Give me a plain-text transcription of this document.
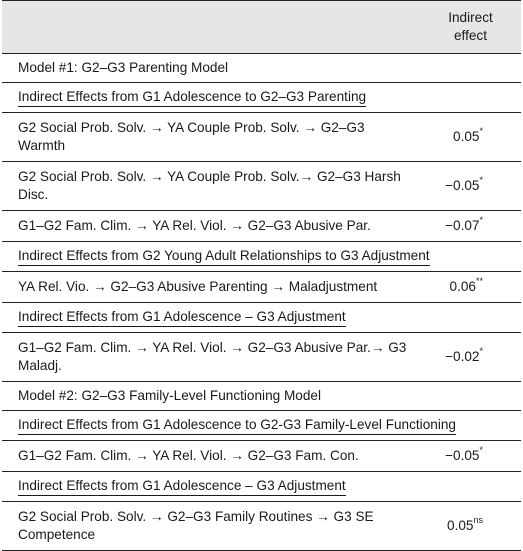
	Indirect
effect
Model #1: G2–G3 Parenting Model	
Indirect Effects from G1 Adolescence to G2–G3 Parenting	
G2 Social Prob. Solv. → YA Couple Prob. Solv. → G2–G3 Warmth	0.05*
G2 Social Prob. Solv. → YA Couple Prob. Solv.→ G2–G3 Harsh Disc.	−0.05*
G1–G2 Fam. Clim. → YA Rel. Viol. → G2–G3 Abusive Par.	−0.07*
Indirect Effects from G2 Young Adult Relationships to G3 Adjustment	
YA Rel. Vio. → G2–G3 Abusive Parenting → Maladjustment	0.06**
Indirect Effects from G1 Adolescence – G3 Adjustment	
G1–G2 Fam. Clim. → YA Rel. Viol. → G2–G3 Abusive Par.→ G3 Maladj.	−0.02*
Model #2: G2–G3 Family-Level Functioning Model	
Indirect Effects from G1 Adolescence to G2-G3 Family-Level Functioning	
G1–G2 Fam. Clim. → YA Rel. Viol. → G2–G3 Fam. Con.	−0.05*
Indirect Effects from G1 Adolescence – G3 Adjustment	
G2 Social Prob. Solv. → G2–G3 Family Routines → G3 SE Competence	$0.05^{ns}$
